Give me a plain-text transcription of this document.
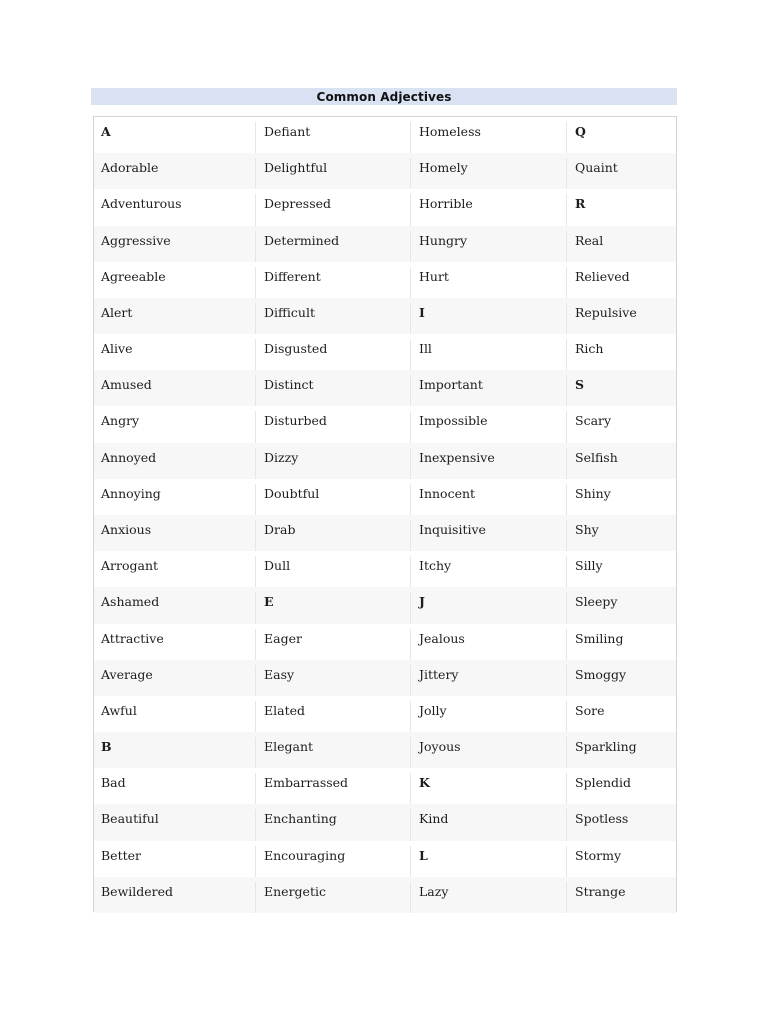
Common Adjectives
A	Defiant	Homeless	Q
Adorable	Delightful	Homely	Quaint
Adventurous	Depressed	Horrible	R
Aggressive	Determined	Hungry	Real
Agreeable	Different	Hurt	Relieved
Alert	Difficult	I	Repulsive
Alive	Disgusted	Ill	Rich
Amused	Distinct	Important	S
Angry	Disturbed	Impossible	Scary
Annoyed	Dizzy	Inexpensive	Selfish
Annoying	Doubtful	Innocent	Shiny
Anxious	Drab	Inquisitive	Shy
Arrogant	Dull	Itchy	Silly
Ashamed	E	J	Sleepy
Attractive	Eager	Jealous	Smiling
Average	Easy	Jittery	Smoggy
Awful	Elated	Jolly	Sore
B	Elegant	Joyous	Sparkling
Bad	Embarrassed	K	Splendid
Beautiful	Enchanting	Kind	Spotless
Better	Encouraging	L	Stormy
Bewildered	Energetic	Lazy	Strange
